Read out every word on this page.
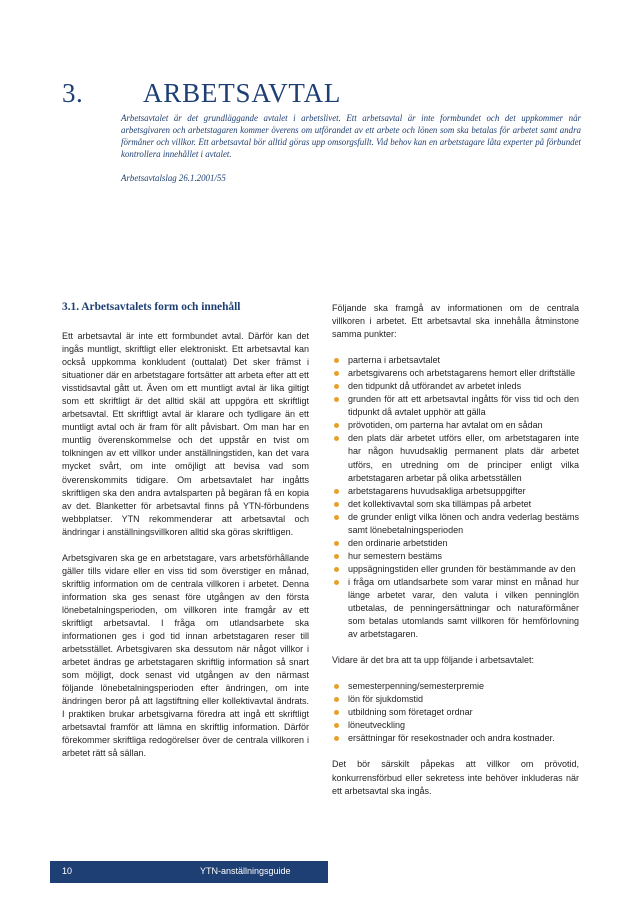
3. ARBETSAVTAL
Arbetsavtalet är det grundläggande avtalet i arbetslivet. Ett arbetsavtal är inte formbundet och det uppkommer när arbetsgivaren och arbetstagaren kommer överens om utförandet av ett arbete och lönen som ska betalas för arbetet samt andra förmåner och villkor. Ett arbetsavtal bör alltid göras upp omsorgsfullt. Vid behov kan en arbetstagare låta experter på förbundet kontrollera innehållet i avtalet.
Arbetsavtalslag 26.1.2001/55
3.1. Arbetsavtalets form och innehåll

Ett arbetsavtal är inte ett formbundet avtal. Därför kan det ingås muntligt, skriftligt eller elektroniskt. Ett arbetsavtal kan också uppkomma konkludent (outtalat) Det sker främst i situationer där en arbetstagare fortsätter att arbeta efter att ett visstidsavtal gått ut. Även om ett muntligt avtal är lika giltigt som ett skriftligt är det alltid skäl att uppgöra ett skriftligt arbetsavtal. Ett skriftligt avtal är klarare och tydligare än ett muntligt avtal och är fram för allt påvisbart. Om man har en muntlig överenskommelse och det uppstår en tvist om tolkningen av ett villkor under anställningstiden, kan det vara mycket svårt, om inte omöjligt att bevisa vad som överenskommits tidigare. Om arbetsavtalet har ingåtts skriftligen ska den andra avtalsparten på begäran få en kopia av det. Blanketter för arbetsavtal finns på YTN-förbundens webbplatser. YTN rekommenderar att arbetsavtal och ändringar i anställningsvillkoren alltid ska göras skriftligen.

Arbetsgivaren ska ge en arbetstagare, vars arbetsförhållande gäller tills vidare eller en viss tid som överstiger en månad, skriftlig information om de centrala villkoren i arbetet. Denna information ska ges senast före utgången av den första lönebetalningsperioden, om villkoren inte framgår av ett skriftligt arbetsavtal. I fråga om utlandsarbete ska informationen ges i god tid innan arbetstagaren reser till arbetsstället. Arbetsgivaren ska dessutom när något villkor i arbetet ändras ge arbetstagaren skriftlig information så snart som möjligt, dock senast vid utgången av den närmast följande lönebetalningsperioden efter ändringen, om inte ändringen beror på att lagstiftning eller kollektivavtal ändrats. I praktiken brukar arbetsgivarna föredra att ingå ett skriftligt arbetsavtal framför att lämna en skriftlig information. Därför förekommer skriftliga redogörelser över de centrala villkoren i arbetet rätt så sällan.

Följande ska framgå av informationen om de centrala villkoren i arbetet. Ett arbetsavtal ska innehålla åtminstone samma punkter:

parterna i arbetsavtalet
arbetsgivarens och arbetstagarens hemort eller driftställe
den tidpunkt då utförandet av arbetet inleds
grunden för att ett arbetsavtal ingåtts för viss tid och den tidpunkt då avtalet upphör att gälla
prövotiden, om parterna har avtalat om en sådan
den plats där arbetet utförs eller, om arbetstagaren inte har någon huvudsaklig permanent plats där arbetet utförs, en utredning om de principer enligt vilka arbetstagaren arbetar på olika arbetsställen
arbetstagarens huvudsakliga arbetsuppgifter
det kollektivavtal som ska tillämpas på arbetet
de grunder enligt vilka lönen och andra vederlag bestäms samt lönebetalningsperioden
den ordinarie arbetstiden
hur semestern bestäms
uppsägningstiden eller grunden för bestämmande av den
i fråga om utlandsarbete som varar minst en månad hur länge arbetet varar, den valuta i vilken penninglön utbetalas, de penningersättningar och naturaförmåner som betalas utomlands samt villkoren för hemförlovning av arbetstagaren.

Vidare är det bra att ta upp följande i arbetsavtalet:

semesterpenning/semesterpremie
lön för sjukdomstid
utbildning som företaget ordnar
löneutveckling
ersättningar för resekostnader och andra kostnader.

Det bör särskilt påpekas att villkor om prövotid, konkurrensförbud eller sekretess inte behöver inkluderas när ett arbetsavtal ska ingås.

10	YTN-anställningsguide
